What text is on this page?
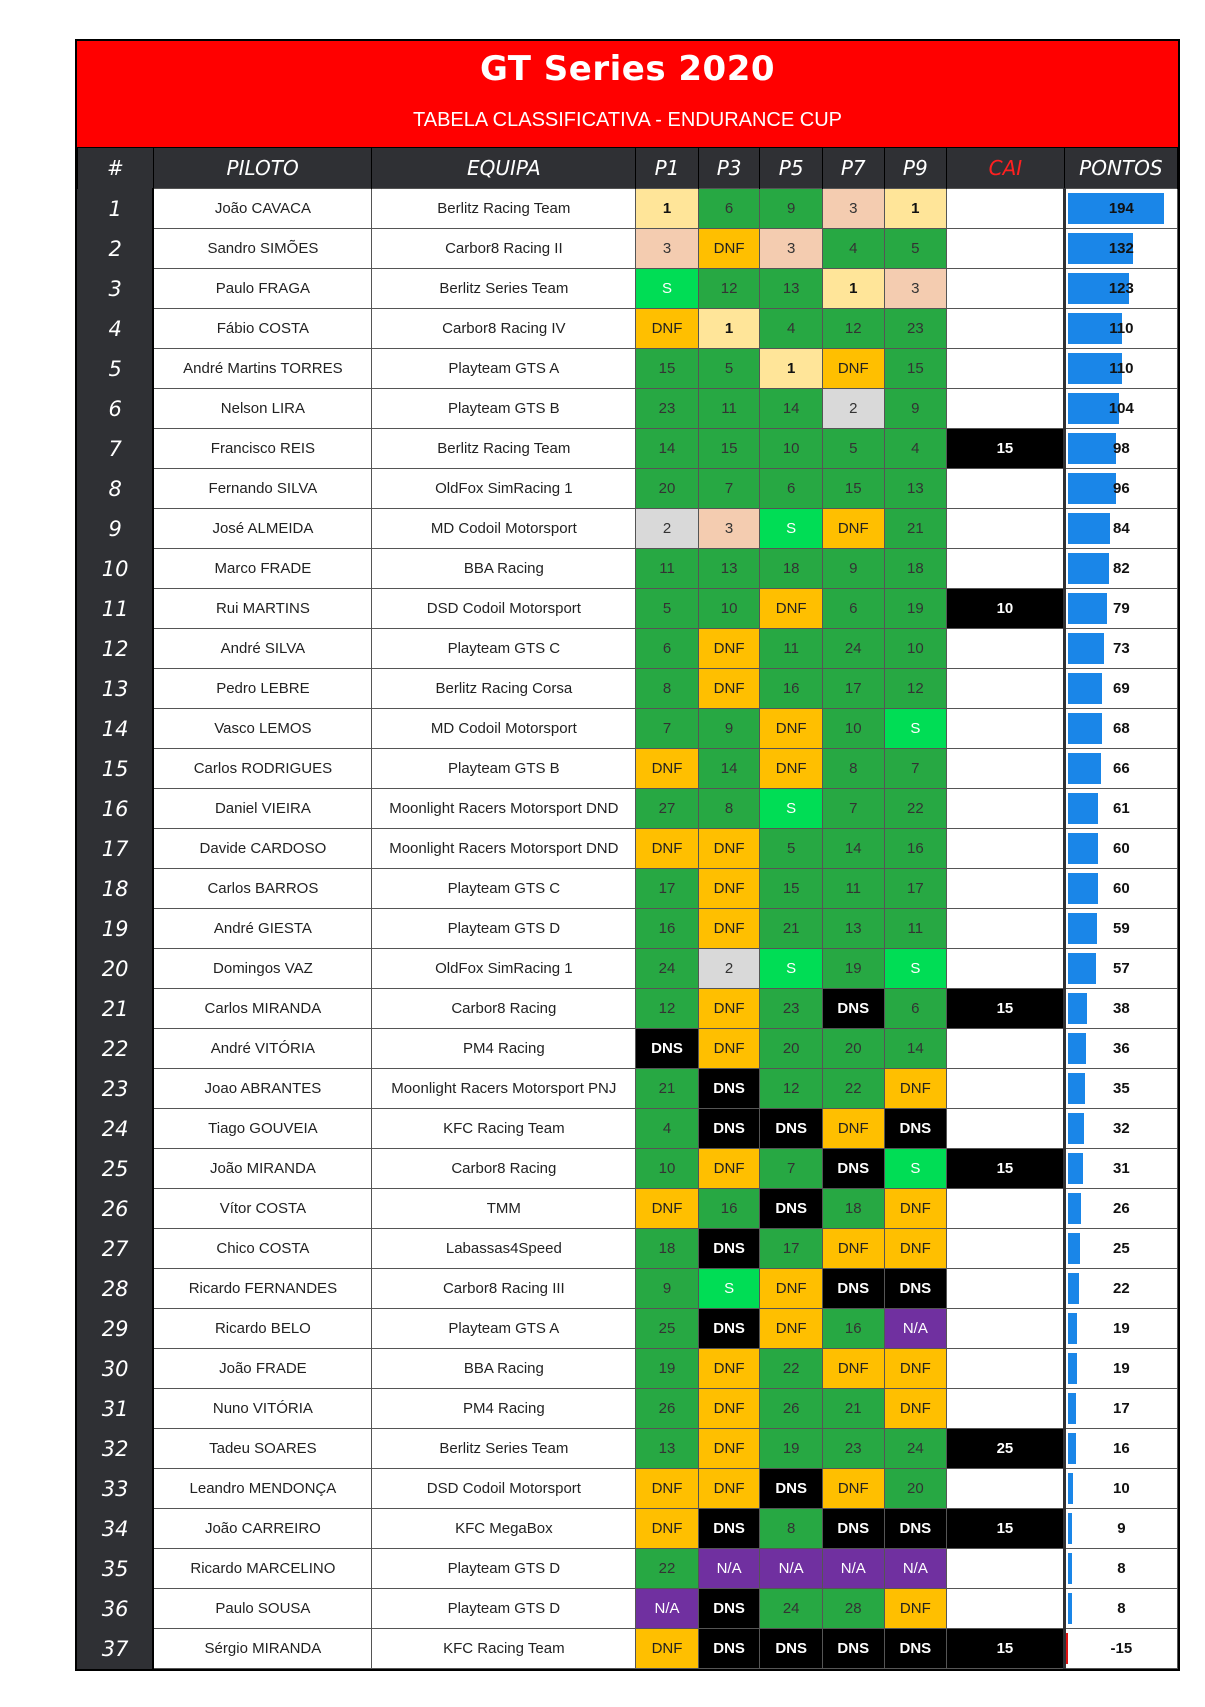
GT Series 2020
TABELA CLASSIFICATIVA - ENDURANCE CUP
#	PILOTO	EQUIPA	P1	P3	P5	P7	P9	CAI	PONTOS
1	João CAVACA	Berlitz Racing Team	1	6	9	3	1		194
2	Sandro SIMÕES	Carbor8 Racing II	3	DNF	3	4	5		132
3	Paulo FRAGA	Berlitz Series Team	S	12	13	1	3		123
4	Fábio COSTA	Carbor8 Racing IV	DNF	1	4	12	23		110
5	André Martins TORRES	Playteam GTS A	15	5	1	DNF	15		110
6	Nelson LIRA	Playteam GTS B	23	11	14	2	9		104
7	Francisco REIS	Berlitz Racing Team	14	15	10	5	4	15	98
8	Fernando SILVA	OldFox SimRacing 1	20	7	6	15	13		96
9	José ALMEIDA	MD Codoil Motorsport	2	3	S	DNF	21		84
10	Marco FRADE	BBA Racing	11	13	18	9	18		82
11	Rui MARTINS	DSD Codoil Motorsport	5	10	DNF	6	19	10	79
12	André SILVA	Playteam GTS C	6	DNF	11	24	10		73
13	Pedro LEBRE	Berlitz Racing Corsa	8	DNF	16	17	12		69
14	Vasco LEMOS	MD Codoil Motorsport	7	9	DNF	10	S		68
15	Carlos RODRIGUES	Playteam GTS B	DNF	14	DNF	8	7		66
16	Daniel VIEIRA	Moonlight Racers Motorsport DND	27	8	S	7	22		61
17	Davide CARDOSO	Moonlight Racers Motorsport DND	DNF	DNF	5	14	16		60
18	Carlos BARROS	Playteam GTS C	17	DNF	15	11	17		60
19	André GIESTA	Playteam GTS D	16	DNF	21	13	11		59
20	Domingos VAZ	OldFox SimRacing 1	24	2	S	19	S		57
21	Carlos MIRANDA	Carbor8 Racing	12	DNF	23	DNS	6	15	38
22	André VITÓRIA	PM4 Racing	DNS	DNF	20	20	14		36
23	Joao ABRANTES	Moonlight Racers Motorsport PNJ	21	DNS	12	22	DNF		35
24	Tiago GOUVEIA	KFC Racing Team	4	DNS	DNS	DNF	DNS		32
25	João MIRANDA	Carbor8 Racing	10	DNF	7	DNS	S	15	31
26	Vítor COSTA	TMM	DNF	16	DNS	18	DNF		26
27	Chico COSTA	Labassas4Speed	18	DNS	17	DNF	DNF		25
28	Ricardo FERNANDES	Carbor8 Racing III	9	S	DNF	DNS	DNS		22
29	Ricardo BELO	Playteam GTS A	25	DNS	DNF	16	N/A		19
30	João FRADE	BBA Racing	19	DNF	22	DNF	DNF		19
31	Nuno VITÓRIA	PM4 Racing	26	DNF	26	21	DNF		17
32	Tadeu SOARES	Berlitz Series Team	13	DNF	19	23	24	25	16
33	Leandro MENDONÇA	DSD Codoil Motorsport	DNF	DNF	DNS	DNF	20		10
34	João CARREIRO	KFC MegaBox	DNF	DNS	8	DNS	DNS	15	9
35	Ricardo MARCELINO	Playteam GTS D	22	N/A	N/A	N/A	N/A		8
36	Paulo SOUSA	Playteam GTS D	N/A	DNS	24	28	DNF		8
37	Sérgio MIRANDA	KFC Racing Team	DNF	DNS	DNS	DNS	DNS	15	-15
